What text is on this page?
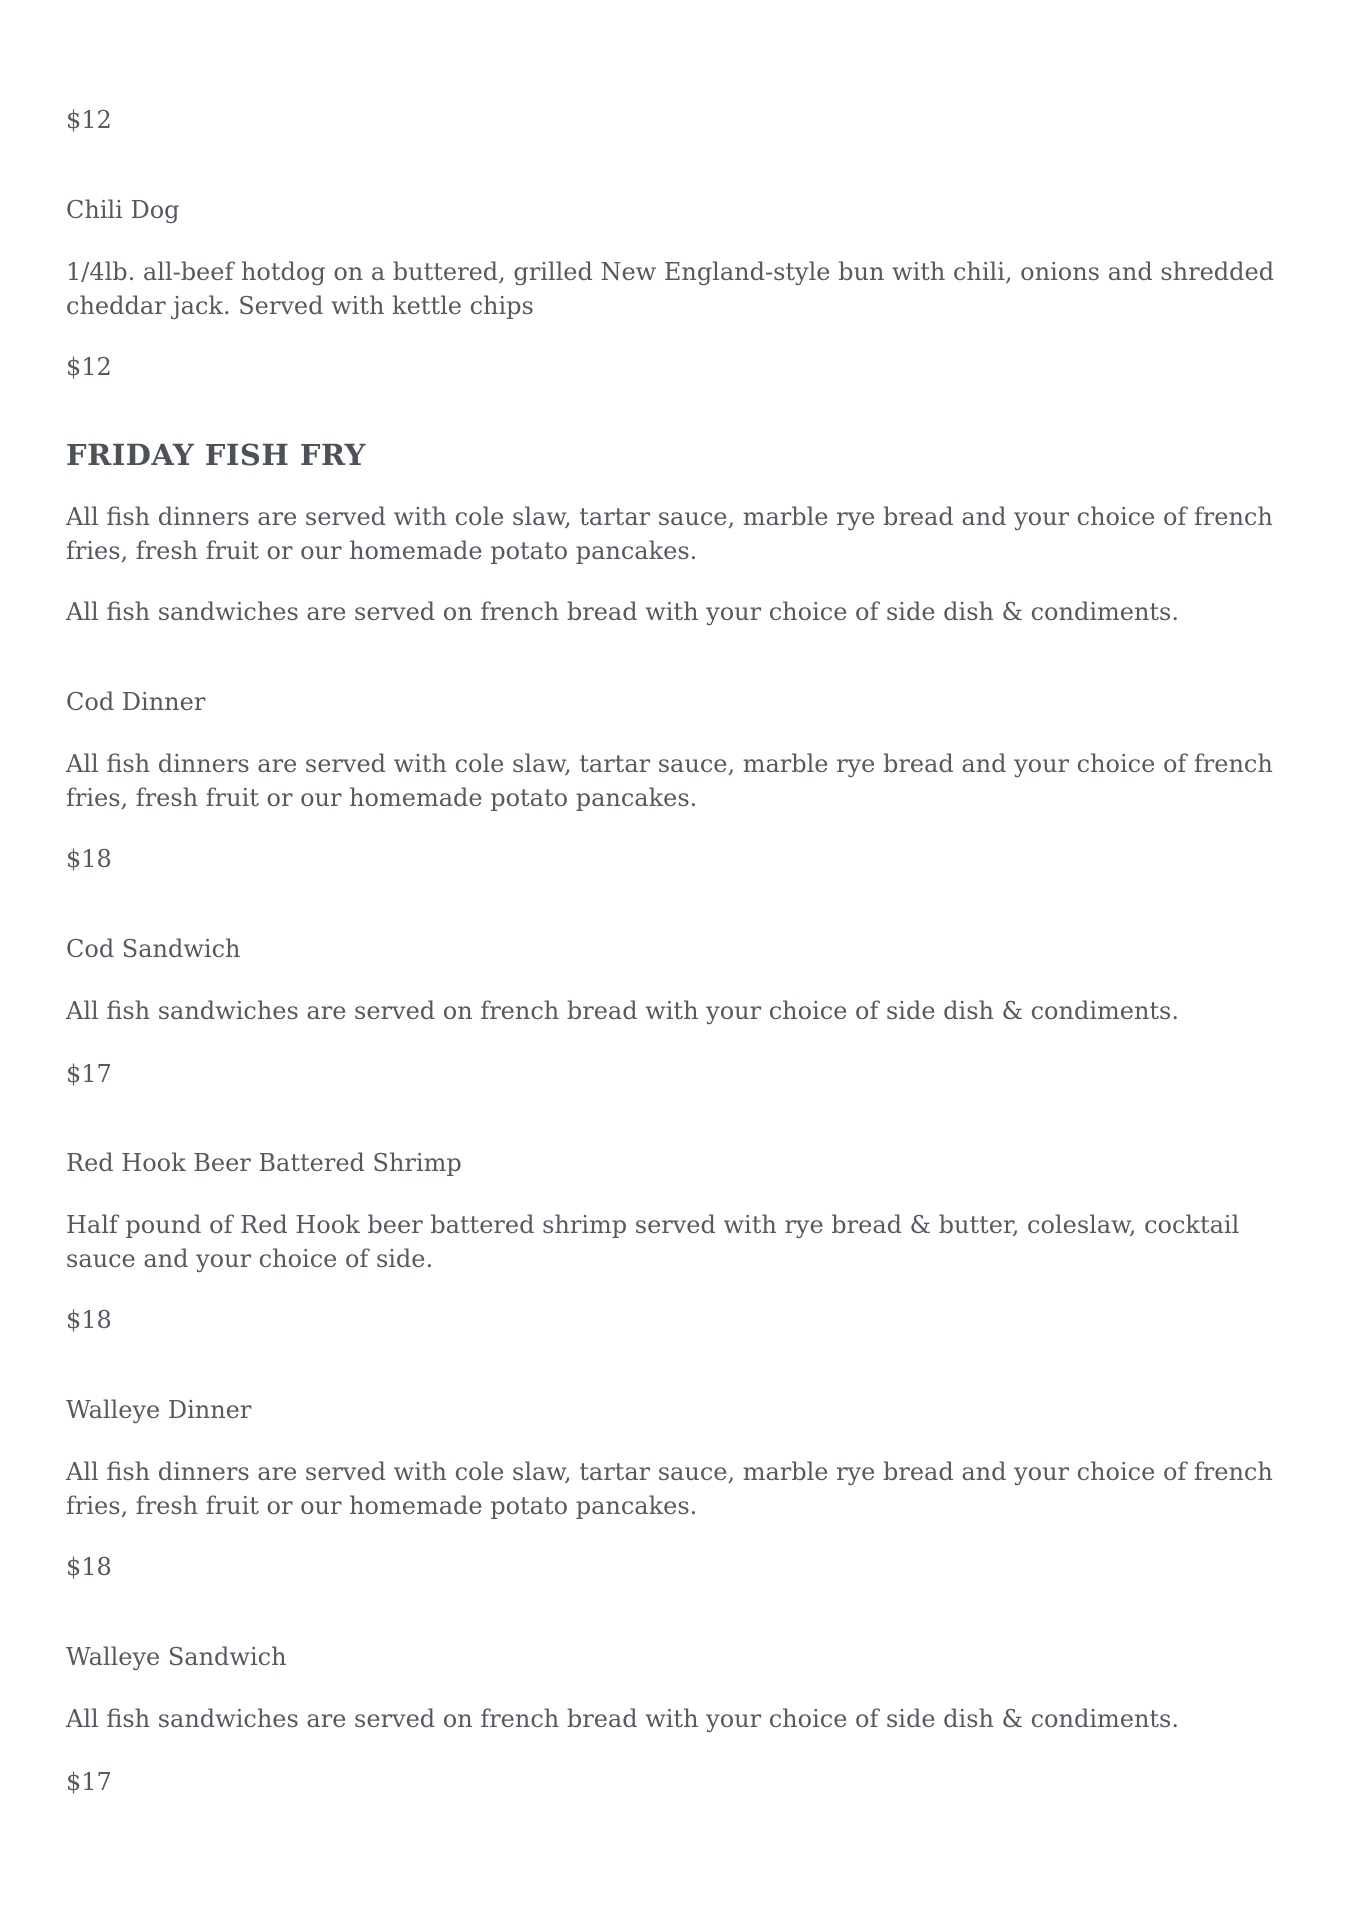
$12

Chili Dog

1/4lb. all-beef hotdog on a buttered, grilled New England-style bun with chili, onions and shredded cheddar jack. Served with kettle chips

$12

FRIDAY FISH FRY

All fish dinners are served with cole slaw, tartar sauce, marble rye bread and your choice of french fries, fresh fruit or our homemade potato pancakes.

All fish sandwiches are served on french bread with your choice of side dish & condiments.

Cod Dinner

All fish dinners are served with cole slaw, tartar sauce, marble rye bread and your choice of french fries, fresh fruit or our homemade potato pancakes.

$18

Cod Sandwich

All fish sandwiches are served on french bread with your choice of side dish & condiments.

$17

Red Hook Beer Battered Shrimp

Half pound of Red Hook beer battered shrimp served with rye bread & butter, coleslaw, cocktail sauce and your choice of side.

$18

Walleye Dinner

All fish dinners are served with cole slaw, tartar sauce, marble rye bread and your choice of french fries, fresh fruit or our homemade potato pancakes.

$18

Walleye Sandwich

All fish sandwiches are served on french bread with your choice of side dish & condiments.

$17
